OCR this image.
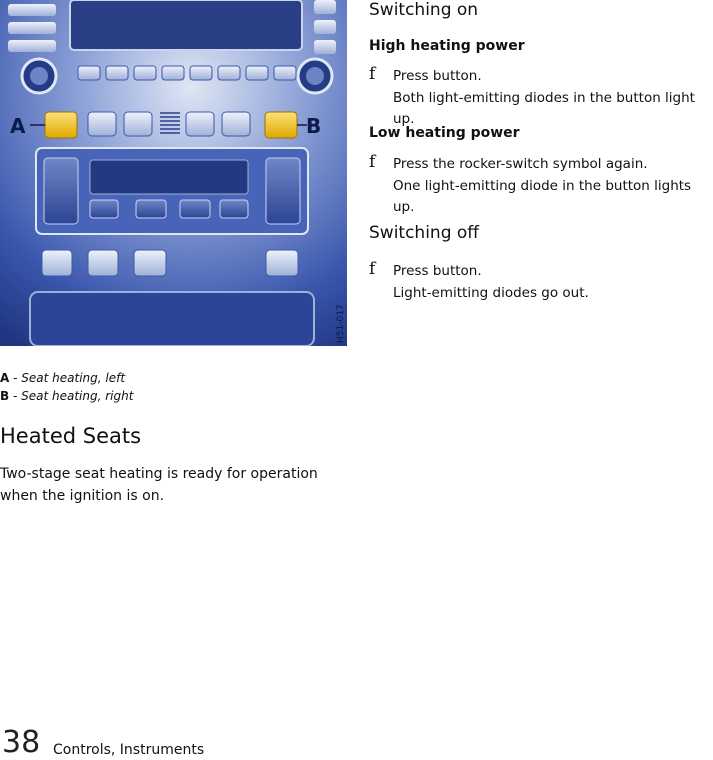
A	B
H51-017
A - Seat heating, left
B - Seat heating, right
Heated Seats
Two-stage seat heating is ready for operation when the ignition is on.
Switching on
High heating power
f Press button.
Both light-emitting diodes in the button light up.
Low heating power
f Press the rocker-switch symbol again.
One light-emitting diode in the button lights up.
Switching off
f Press button.
Light-emitting diodes go out.
38 Controls, Instruments
